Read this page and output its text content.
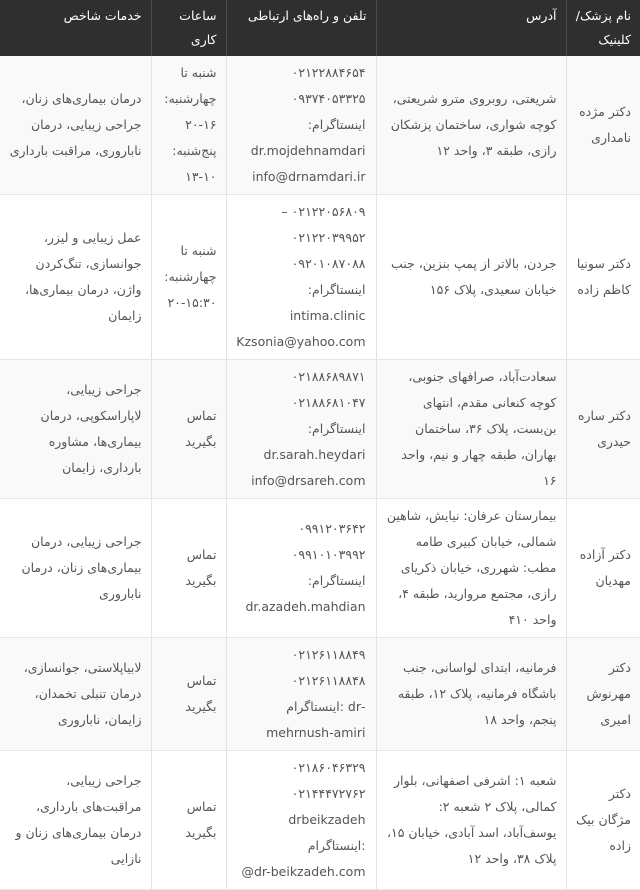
نام پزشک/ کلینیک	آدرس	تلفن و راه‌های ارتباطی	ساعات کاری	خدمات شاخص
دکتر مژده نامداری	شریعتی، روبروی مترو شریعتی، کوچه شواری، ساختمان پزشکان رازی، طبقه ۳، واحد ۱۲	۰۲۱۲۲۸۸۴۶۵۴
۰۹۳۷۴۰۵۳۳۲۵
اینستاگرام:
dr.mojdehnamdari
info@drnamdari.ir	شنبه تا چهارشنبه: ۱۶-۲۰ پنج‌شنبه: ۱۰-۱۳	درمان بیماری‌های زنان، جراحی زیبایی، درمان ناباروری، مراقبت بارداری
دکتر سونیا کاظم زاده	جردن، بالاتر از پمپ بنزین، جنب خیابان سعیدی، پلاک ۱۵۶	– ۰۲۱۲۲۰۵۶۸۰۹
۰۲۱۲۲۰۳۹۹۵۲
۰۹۲۰۱۰۸۷۰۸۸
اینستاگرام: intima.clinic
Kzsonia@yahoo.com	شنبه تا چهارشنبه: ۱۵:۳۰-۲۰	عمل زیبایی و لیزر، جوانسازی، تنگ‌کردن واژن، درمان بیماری‌ها، زایمان
دکتر ساره حیدری	سعادت‌آباد، صرافهای جنوبی، کوچه کنعانی مقدم، انتهای بن‌بست، پلاک ۳۶، ساختمان بهاران، طبقه چهار و نیم، واحد ۱۶	۰۲۱۸۸۶۸۹۸۷۱
۰۲۱۸۸۶۸۱۰۴۷
اینستاگرام:
dr.sarah.heydari
info@drsareh.com	تماس بگیرید	جراحی زیبایی، لاپاراسکوپی، درمان بیماری‌ها، مشاوره بارداری، زایمان
دکتر آزاده مهدیان	بیمارستان عرفان: نیایش، شاهین شمالی، خیابان کبیری طامه مطب: شهرری، خیابان ذکریای رازی، مجتمع مروارید، طبقه ۴، واحد ۴۱۰	۰۹۹۱۲۰۳۶۴۲
۰۹۹۱۰۱۰۳۹۹۲
اینستاگرام:
dr.azadeh.mahdian	تماس بگیرید	جراحی زیبایی، درمان بیماری‌های زنان، درمان ناباروری
دکتر مهرنوش امیری	فرمانیه، ابتدای لواسانی، جنب باشگاه فرمانیه، پلاک ۱۲، طبقه پنجم، واحد ۱۸	۰۲۱۲۶۱۱۸۸۴۹
۰۲۱۲۶۱۱۸۸۴۸
-dr :اینستاگرام
mehrnush-amiri	تماس بگیرید	لابیاپلاستی، جوانسازی، درمان تنبلی تخمدان، زایمان، ناباروری
دکتر مژگان بیک زاده	شعبه ۱: اشرفی اصفهانی، بلوار کمالی، پلاک ۲ شعبه ۲: یوسف‌آباد، اسد آبادی، خیابان ۱۵، پلاک ۳۸، واحد ۱۲	۰۲۱۸۶۰۴۶۳۲۹
۰۲۱۴۴۴۷۲۷۶۲
drbeikzadeh :اینستاگرام
@dr-beikzadeh.com	تماس بگیرید	جراحی زیبایی، مراقبت‌های بارداری، درمان بیماری‌های زنان و نازایی
